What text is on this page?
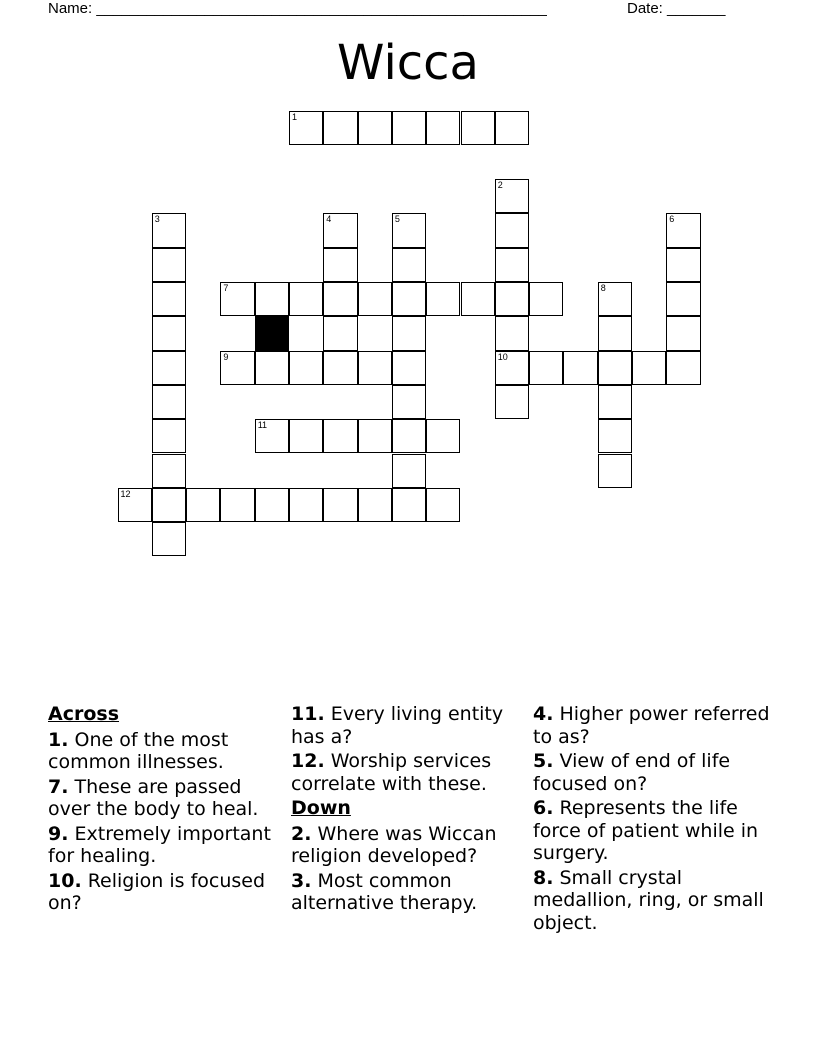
Name: ______________________________________________________	Date: _______
Wicca
1
2
10
3	4	5	6
7	8
9
11
12
Across
1. One of the most common illnesses.
7. These are passed over the body to heal.
9. Extremely important for healing.
10. Religion is focused on?
11. Every living entity has a?
12. Worship services correlate with these.
Down
2. Where was Wiccan religion developed?
3. Most common alternative therapy.
4. Higher power referred to as?
5. View of end of life focused on?
6. Represents the life force of patient while in surgery.
8. Small crystal medallion, ring, or small object.
